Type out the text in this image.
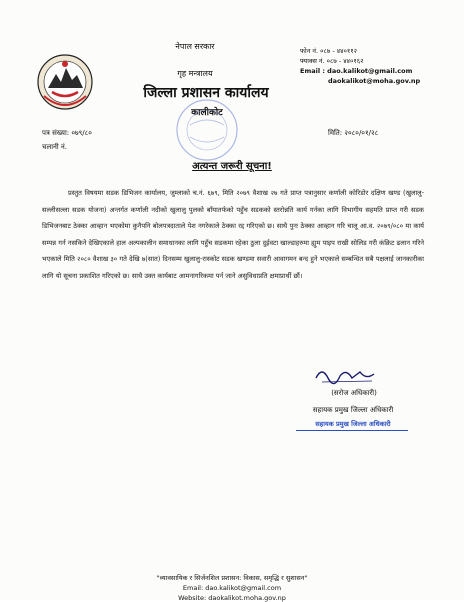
नेपाल सरकार
गृह मन्त्रालय
जिल्ला प्रशासन कार्यालय
कालीकोट
फोन नं. ०८७ - ४४०११२
फ्याक्स नं. ०८७ - ४४०१६२
Email : dao.kalikot@gmail.com
daokalikot@moha.gov.np
पत्र संख्या: ०७९/८०
चलानी नं.
मिति: २०८०/०१/२८
अत्यन्त जरूरी सूचना!
प्रस्तुत विषयमा सडक डिभिजन कार्यालय, जुम्लाको च.नं. ६७९, मिति २०७९ वैशाख २७ गते प्राप्त पत्रानुसार कर्णाली कोरिडोर दक्षिण खण्ड (खुलालु-सल्लीसल्ला सडक योजना) अन्तर्गत कर्णाली नदीको खुलालु पुलको बाँयातर्फको पहुँच सडकको स्तरोन्नति कार्य गर्नका लागि विभागीय सहमति प्राप्त गरी सडक डिभिजनबाट ठेक्का आव्हान भएकोमा कुनैपनि बोलपत्रदाताले पेश नगरेकाले ठेक्का रद्द गरिएको छ। साथै पुनः ठेक्का आव्हान गरि चालू आ.व. २०७९/०८० मा कार्य सम्पन्न गर्न नसकिने देखिएकाले हाल अल्पकालीन समाधानका लागि पहुँच सडकमा रहेका ठुला दुईवटा खाल्डाहरुमा ह्युम पाइप राखी सोलिड गरी कंक्रिट ढलान गरिने भएकाले मिति २०८० वैशाख ३० गते देखि ७(सात) दिनसम्म खुलालु-रास्कोट सडक खण्डमा सवारी आवागमन बन्द हुने भएकाले सम्बन्धित सबै पक्षलाई जानकारीका लागि यो सूचना प्रकाशित गरिएको छ। साथै उक्त कार्यबाट आमनागरिकमा पर्न जाने असुविधाप्रति क्षमाप्रार्थी छौं।
(सरोज अधिकारी)
सहायक प्रमुख जिल्ला अधिकारी
सहायक प्रमुख जिल्ला अधिकारी
"व्यावसायिक र सिर्जनशिल प्रशासन: विकास, समृद्धि र सुशासन"
Email: dao.kalikot@gmail.com
Website: daokalikot.moha.gov.np
